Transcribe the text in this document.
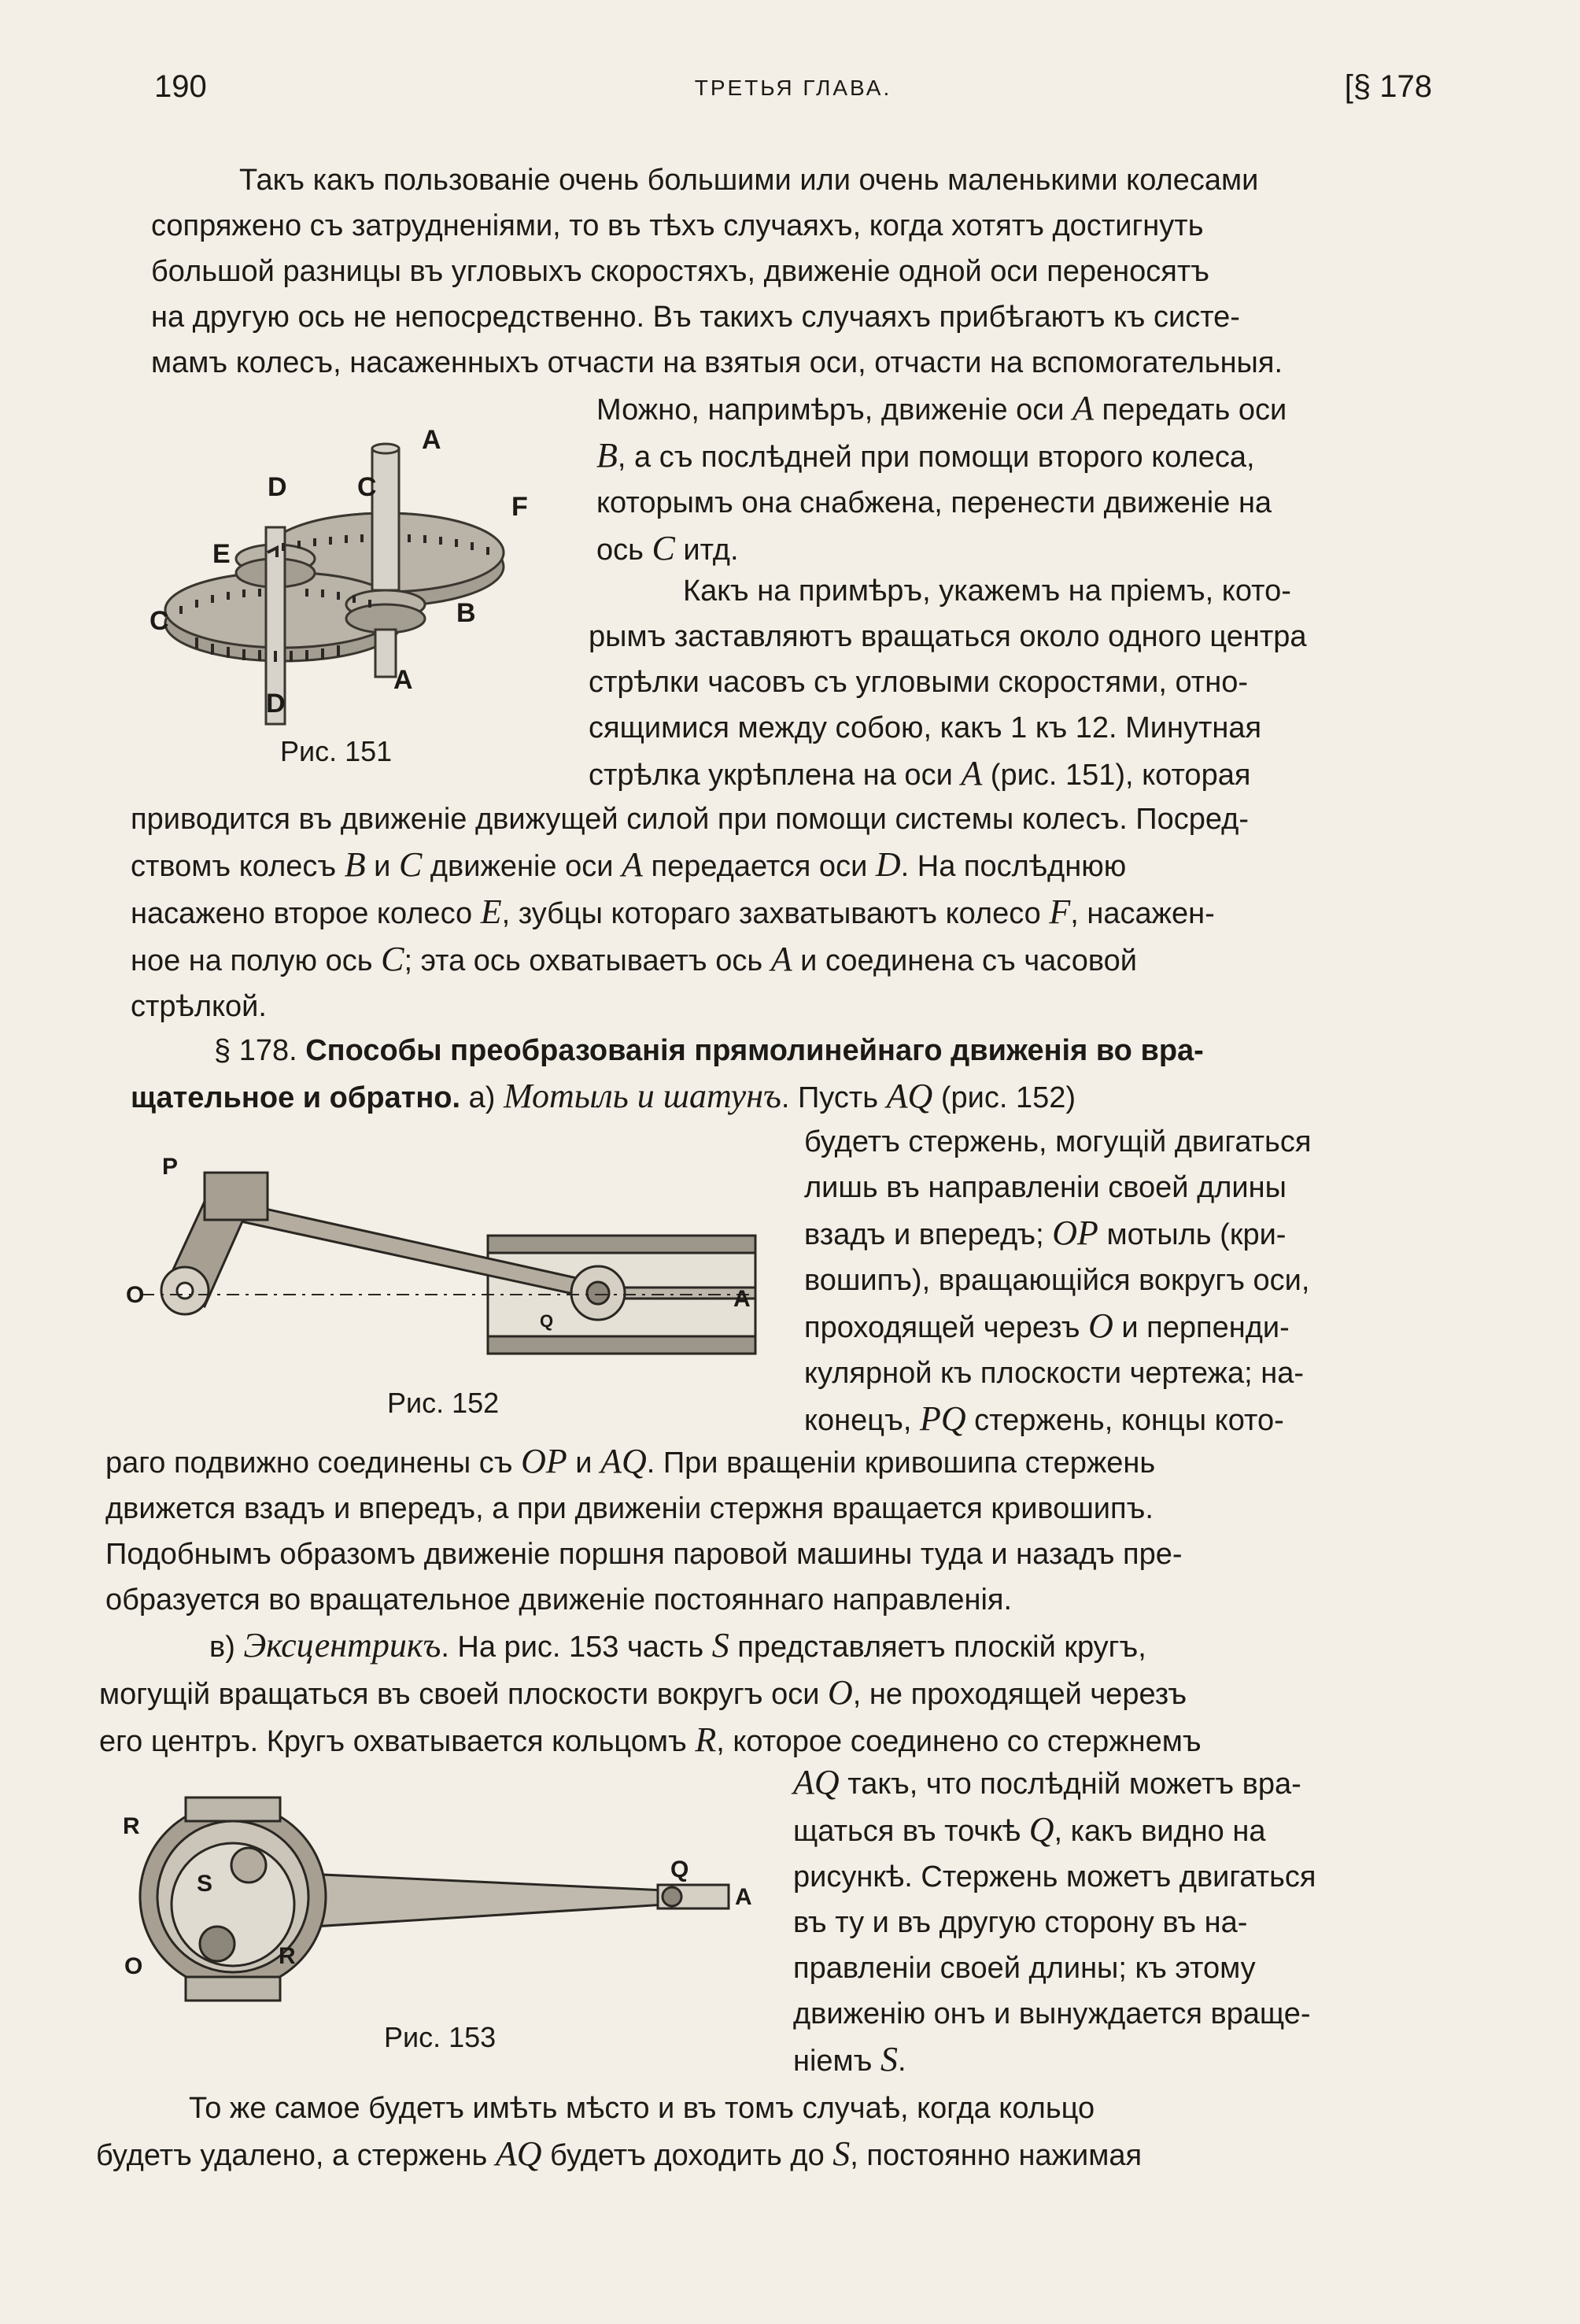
190	ТРЕТЬЯ ГЛАВА.	[§ 178

Такъ какъ пользованіе очень большими или очень маленькими колесами

сопряжено съ затрудненіями, то въ тѣхъ случаяхъ, когда хотятъ достигнуть

большой разницы въ угловыхъ скоростяхъ, движеніе одной оси переносятъ

на другую ось не непосредственно. Въ такихъ случаяхъ прибѣгаютъ къ систе-

мамъ колесъ, насаженныхъ отчасти на взятыя оси, отчасти на вспомогательныя.

Можно, напримѣръ, движеніе оси A передать оси

B, а съ послѣдней при помощи второго колеса,

которымъ она снабжена, перенести движеніе на

ось C итд.

Какъ на примѣръ, укажемъ на пріемъ, кото-

рымъ заставляютъ вращаться около одного центра

стрѣлки часовъ съ угловыми скоростями, отно-

сящимися между собою, какъ 1 къ 12. Минутная

стрѣлка укрѣплена на оси A (рис. 151), которая

приводится въ движеніе движущей силой при помощи системы колесъ. Посред-

ствомъ колесъ B и C движеніе оси A передается оси D. На послѣднюю

насажено второе колесо E, зубцы котораго захватываютъ колесо F, насажен-

ное на полую ось C; эта ось охватываетъ ось A и соединена съ часовой

стрѣлкой.

A
C
D
F
E
C	B
A
D
Рис. 151

§ 178. Способы преобразованія прямолинейнаго движенія во вра-

щательное и обратно. а) Мотыль и шатунъ. Пусть AQ (рис. 152)

будетъ стержень, могущій двигаться

лишь въ направленіи своей длины

взадъ и впередъ; OP мотыль (кри-

вошипъ), вращающійся вокругъ оси,

проходящей черезъ O и перпенди-

кулярной къ плоскости чертежа; на-

конецъ, PQ стержень, концы кото-

раго подвижно соединены съ OP и AQ. При вращеніи кривошипа стержень

движется взадъ и впередъ, а при движеніи стержня вращается кривошипъ.

Подобнымъ образомъ движеніе поршня паровой машины туда и назадъ пре-

образуется во вращательное движеніе постояннаго направленія.

P
O
Q
A
Рис. 152

в) Эксцентрикъ. На рис. 153 часть S представляетъ плоскій кругъ,

могущій вращаться въ своей плоскости вокругъ оси O, не проходящей черезъ

его центръ. Кругъ охватывается кольцомъ R, которое соединено со стержнемъ

AQ такъ, что послѣдній можетъ вра-

щаться въ точкѣ Q, какъ видно на

рисункѣ. Стержень можетъ двигаться

въ ту и въ другую сторону въ на-

правленіи своей длины; къ этому

движенію онъ и вынуждается враще-

ніемъ S.

R
S
Q
A
R
O
Рис. 153

То же самое будетъ имѣть мѣсто и въ томъ случаѣ, когда кольцо

будетъ удалено, а стержень AQ будетъ доходить до S, постоянно нажимая
